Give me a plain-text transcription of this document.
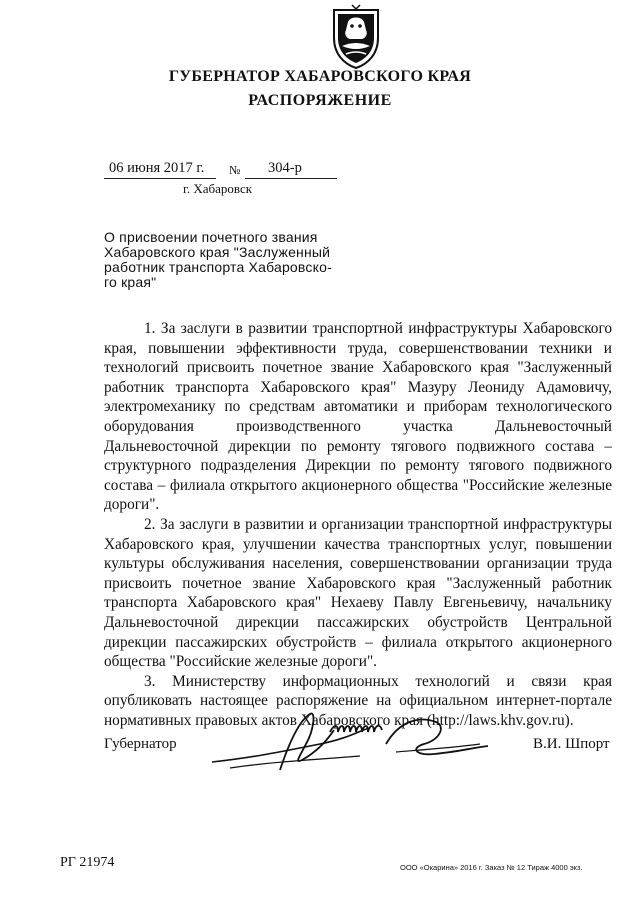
ГУБЕРНАТОР ХАБАРОВСКОГО КРАЯ
РАСПОРЯЖЕНИЕ
06 июня 2017 г. № 304-р
г. Хабаровск
О присвоении почетного звания Хабаровского края "Заслуженный работник транспорта Хабаровско-го края"

1. За заслуги в развитии транспортной инфраструктуры Хабаровского края, повышении эффективности труда, совершенствовании техники и технологий присвоить почетное звание Хабаровского края "Заслуженный работник транспорта Хабаровского края" Мазуру Леониду Адамовичу, электромеханику по средствам автоматики и приборам технологического оборудования производственного участка Дальневосточный Дальневосточной дирекции по ремонту тягового подвижного состава – структурного подразделения Дирекции по ремонту тягового подвижного состава – филиала открытого акционерного общества "Российские железные дороги".

2. За заслуги в развитии и организации транспортной инфраструктуры Хабаровского края, улучшении качества транспортных услуг, повышении культуры обслуживания населения, совершенствовании организации труда присвоить почетное звание Хабаровского края "Заслуженный работник транспорта Хабаровского края" Нехаеву Павлу Евгеньевичу, начальнику Дальневосточной дирекции пассажирских обустройств Центральной дирекции пассажирских обустройств – филиала открытого акционерного общества "Российские железные дороги".

3. Министерству информационных технологий и связи края опубликовать настоящее распоряжение на официальном интернет-портале нормативных правовых актов Хабаровского края (http://laws.khv.gov.ru).

Губернатор	В.И. Шпорт
РГ 21974	ООО «Окарина» 2016 г. Заказ № 12 Тираж 4000 экз.
